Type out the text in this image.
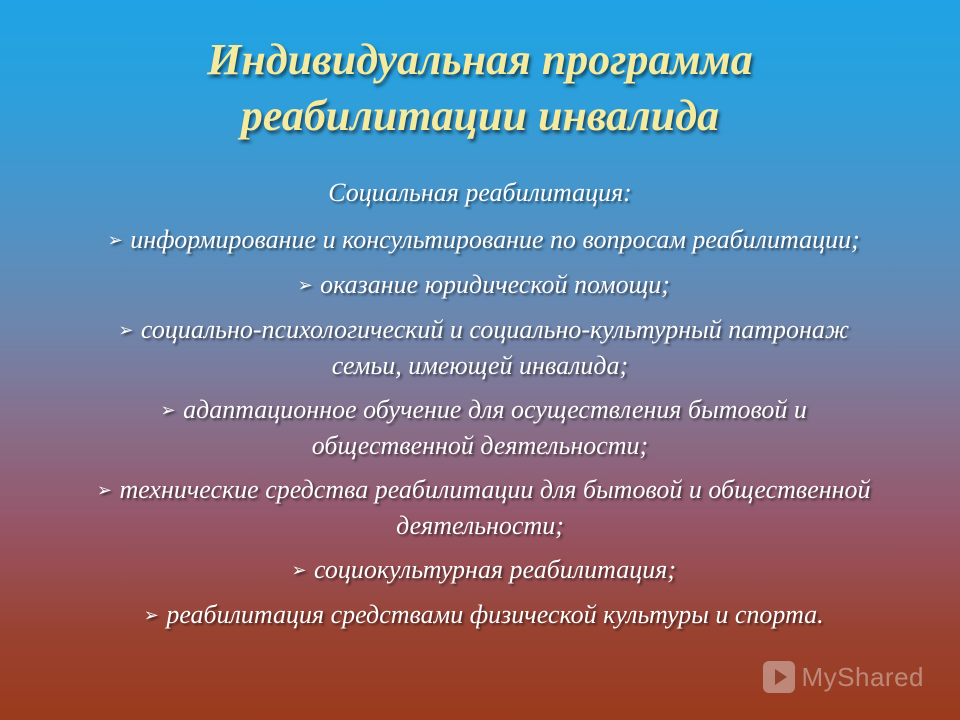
Индивидуальная программа
реабилитации инвалида
Социальная реабилитация:
➢ информирование и консультирование по вопросам реабилитации;
➢ оказание юридической помощи;
➢ социально-психологический и социально-культурный патронаж
семьи, имеющей инвалида;
➢ адаптационное обучение для осуществления бытовой и
общественной деятельности;
➢ технические средства реабилитации для бытовой и общественной
деятельности;
➢ социокультурная реабилитация;
➢ реабилитация средствами физической культуры и спорта.
MyShared
